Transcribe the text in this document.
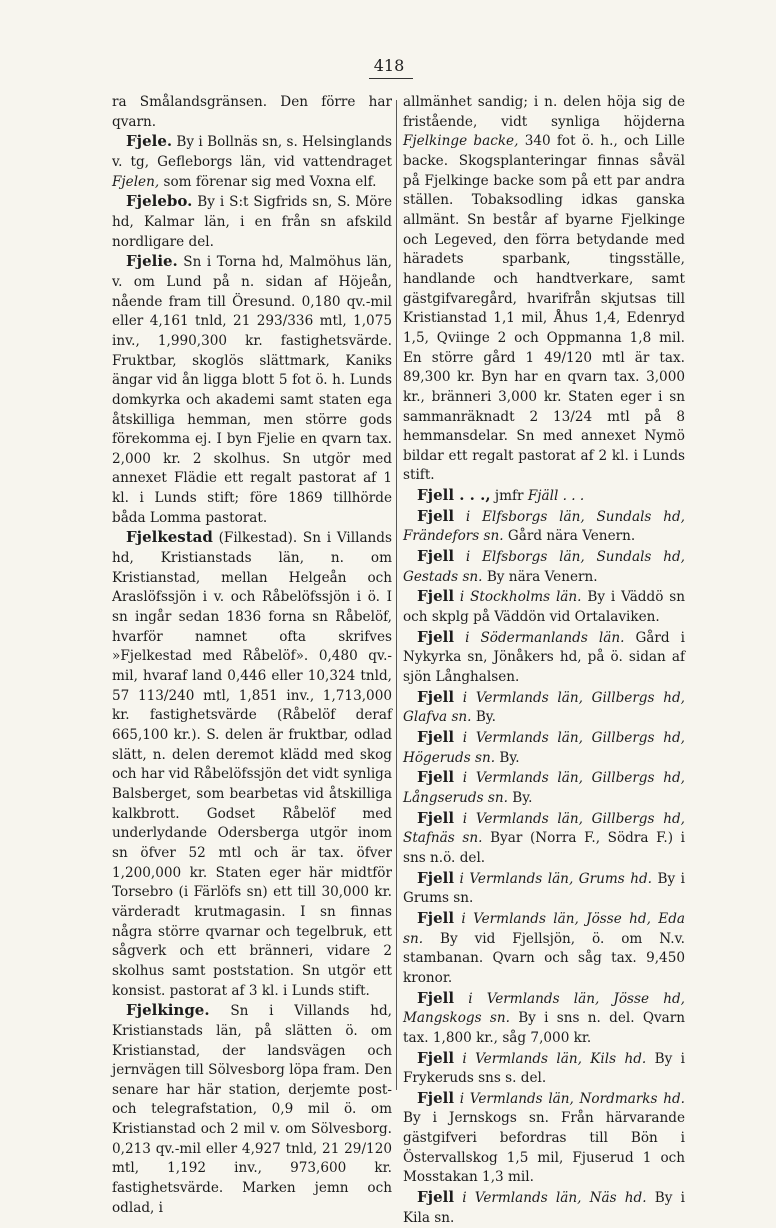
418

ra Smålandsgränsen. Den förre har qvarn.

Fjele. By i Bollnäs sn, s. Helsinglands v. tg, Gefleborgs län, vid vattendraget Fjelen, som förenar sig med Voxna elf.

Fjelebo. By i S:t Sigfrids sn, S. Möre hd, Kalmar län, i en från sn afskild nordligare del.

Fjelie. Sn i Torna hd, Malmöhus län, v. om Lund på n. sidan af Höjeån, nående fram till Öresund. 0,180 qv.-mil eller 4,161 tnld, 21 293/336 mtl, 1,075 inv., 1,990,300 kr. fastighetsvärde. Fruktbar, skoglös slättmark, Kaniks ängar vid ån ligga blott 5 fot ö. h. Lunds domkyrka och akademi samt staten ega åtskilliga hemman, men större gods förekomma ej. I byn Fjelie en qvarn tax. 2,000 kr. 2 skolhus. Sn utgör med annexet Flädie ett regalt pastorat af 1 kl. i Lunds stift; före 1869 tillhörde båda Lomma pastorat.

Fjelkestad (Filkestad). Sn i Villands hd, Kristianstads län, n. om Kristianstad, mellan Helgeån och Araslöfssjön i v. och Råbelöfssjön i ö. I sn ingår sedan 1836 forna sn Råbelöf, hvarför namnet ofta skrifves »Fjelkestad med Råbelöf». 0,480 qv.-mil, hvaraf land 0,446 eller 10,324 tnld, 57 113/240 mtl, 1,851 inv., 1,713,000 kr. fastighetsvärde (Råbelöf deraf 665,100 kr.). S. delen är fruktbar, odlad slätt, n. delen deremot klädd med skog och har vid Råbelöfssjön det vidt synliga Balsberget, som bearbetas vid åtskilliga kalkbrott. Godset Råbelöf med underlydande Odersberga utgör inom sn öfver 52 mtl och är tax. öfver 1,200,000 kr. Staten eger här midtför Torsebro (i Färlöfs sn) ett till 30,000 kr. värderadt krutmagasin. I sn finnas några större qvarnar och tegelbruk, ett sågverk och ett bränneri, vidare 2 skolhus samt poststation. Sn utgör ett konsist. pastorat af 3 kl. i Lunds stift.

Fjelkinge. Sn i Villands hd, Kristianstads län, på slätten ö. om Kristianstad, der landsvägen och jernvägen till Sölvesborg löpa fram. Den senare har här station, derjemte post- och telegrafstation, 0,9 mil ö. om Kristianstad och 2 mil v. om Sölvesborg. 0,213 qv.-mil eller 4,927 tnld, 21 29/120 mtl, 1,192 inv., 973,600 kr. fastighetsvärde. Marken jemn och odlad, i

allmänhet sandig; i n. delen höja sig de fristående, vidt synliga höjderna Fjelkinge backe, 340 fot ö. h., och Lille backe. Skogsplanteringar finnas såväl på Fjelkinge backe som på ett par andra ställen. Tobaksodling idkas ganska allmänt. Sn består af byarne Fjelkinge och Legeved, den förra betydande med häradets sparbank, tingsställe, handlande och handtverkare, samt gästgifvaregård, hvarifrån skjutsas till Kristianstad 1,1 mil, Åhus 1,4, Edenryd 1,5, Qviinge 2 och Oppmanna 1,8 mil. En större gård 1 49/120 mtl är tax. 89,300 kr. Byn har en qvarn tax. 3,000 kr., bränneri 3,000 kr. Staten eger i sn sammanräknadt 2 13/24 mtl på 8 hemmansdelar. Sn med annexet Nymö bildar ett regalt pastorat af 2 kl. i Lunds stift.

Fjell . . ., jmfr Fjäll . . .

Fjell i Elfsborgs län, Sundals hd, Frändefors sn. Gård nära Venern.

Fjell i Elfsborgs län, Sundals hd, Gestads sn. By nära Venern.

Fjell i Stockholms län. By i Väddö sn och skplg på Väddön vid Ortalaviken.

Fjell i Södermanlands län. Gård i Nykyrka sn, Jönåkers hd, på ö. sidan af sjön Långhalsen.

Fjell i Vermlands län, Gillbergs hd, Glafva sn. By.

Fjell i Vermlands län, Gillbergs hd, Högeruds sn. By.

Fjell i Vermlands län, Gillbergs hd, Långseruds sn. By.

Fjell i Vermlands län, Gillbergs hd, Stafnäs sn. Byar (Norra F., Södra F.) i sns n.ö. del.

Fjell i Vermlands län, Grums hd. By i Grums sn.

Fjell i Vermlands län, Jösse hd, Eda sn. By vid Fjellsjön, ö. om N.v. stambanan. Qvarn och såg tax. 9,450 kronor.

Fjell i Vermlands län, Jösse hd, Mangskogs sn. By i sns n. del. Qvarn tax. 1,800 kr., såg 7,000 kr.

Fjell i Vermlands län, Kils hd. By i Frykeruds sns s. del.

Fjell i Vermlands län, Nordmarks hd. By i Jernskogs sn. Från härvarande gästgifveri befordras till Bön i Östervallskog 1,5 mil, Fjuserud 1 och Mosstakan 1,3 mil.

Fjell i Vermlands län, Näs hd. By i Kila sn.
